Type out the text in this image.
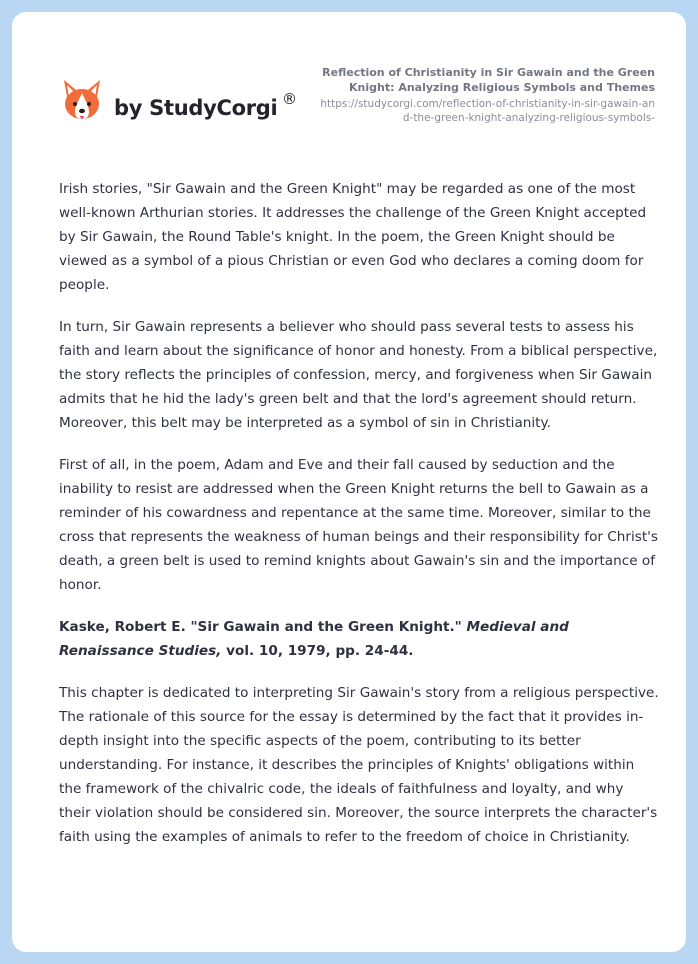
by StudyCorgi ®
Reflection of Christianity in Sir Gawain and the Green Knight: Analyzing Religious Symbols and Themes
https://studycorgi.com/reflection-of-christianity-in-sir-gawain-and-the-green-knight-analyzing-religious-symbols-

Irish stories, "Sir Gawain and the Green Knight" may be regarded as one of the most well-known Arthurian stories. It addresses the challenge of the Green Knight accepted by Sir Gawain, the Round Table's knight. In the poem, the Green Knight should be viewed as a symbol of a pious Christian or even God who declares a coming doom for people.

In turn, Sir Gawain represents a believer who should pass several tests to assess his faith and learn about the significance of honor and honesty. From a biblical perspective, the story reflects the principles of confession, mercy, and forgiveness when Sir Gawain admits that he hid the lady's green belt and that the lord's agreement should return. Moreover, this belt may be interpreted as a symbol of sin in Christianity.

First of all, in the poem, Adam and Eve and their fall caused by seduction and the inability to resist are addressed when the Green Knight returns the bell to Gawain as a reminder of his cowardness and repentance at the same time. Moreover, similar to the cross that represents the weakness of human beings and their responsibility for Christ's death, a green belt is used to remind knights about Gawain's sin and the importance of honor.

Kaske, Robert E. "Sir Gawain and the Green Knight." Medieval and Renaissance Studies, vol. 10, 1979, pp. 24-44.

This chapter is dedicated to interpreting Sir Gawain's story from a religious perspective. The rationale of this source for the essay is determined by the fact that it provides in-depth insight into the specific aspects of the poem, contributing to its better understanding. For instance, it describes the principles of Knights' obligations within the framework of the chivalric code, the ideals of faithfulness and loyalty, and why their violation should be considered sin. Moreover, the source interprets the character's faith using the examples of animals to refer to the freedom of choice in Christianity.
